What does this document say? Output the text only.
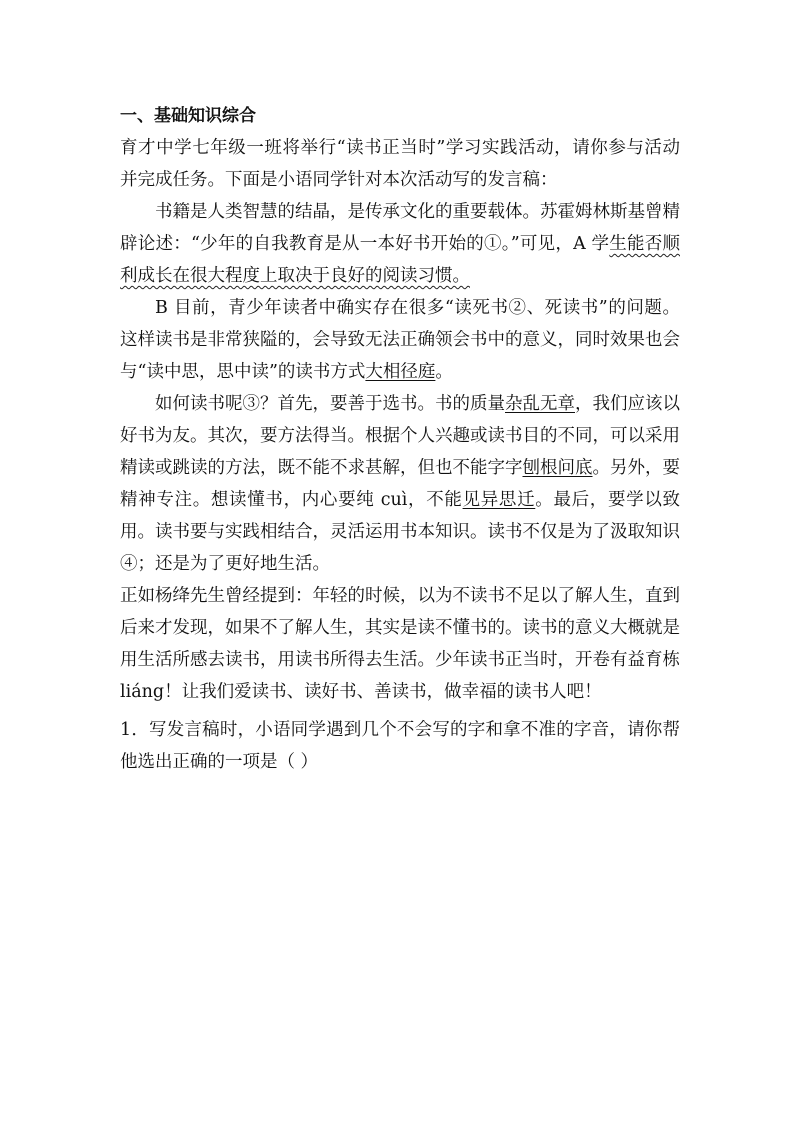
一、基础知识综合

育才中学七年级一班将举行“读书正当时”学习实践活动，请你参与活动并完成任务。下面是小语同学针对本次活动写的发言稿：

书籍是人类智慧的结晶，是传承文化的重要载体。苏霍姆林斯基曾精辟论述：“少年的自我教育是从一本好书开始的①。”可见，A 学生能否顺利成长在很大程度上取决于良好的阅读习惯。

B 目前，青少年读者中确实存在很多“读死书②、死读书”的问题。这样读书是非常狭隘的，会导致无法正确领会书中的意义，同时效果也会与“读中思，思中读”的读书方式大相径庭。

如何读书呢③？首先，要善于选书。书的质量杂乱无章，我们应该以好书为友。其次，要方法得当。根据个人兴趣或读书目的不同，可以采用精读或跳读的方法，既不能不求甚解，但也不能字字刨根问底。另外，要精神专注。想读懂书，内心要纯 cuì，不能见异思迁。最后，要学以致用。读书要与实践相结合，灵活运用书本知识。读书不仅是为了汲取知识④；还是为了更好地生活。

正如杨绛先生曾经提到：年轻的时候，以为不读书不足以了解人生，直到后来才发现，如果不了解人生，其实是读不懂书的。读书的意义大概就是用生活所感去读书，用读书所得去生活。少年读书正当时，开卷有益育栋 liáng！让我们爱读书、读好书、善读书，做幸福的读书人吧！

1．写发言稿时，小语同学遇到几个不会写的字和拿不准的字音，请你帮他选出正确的一项是（ ）
